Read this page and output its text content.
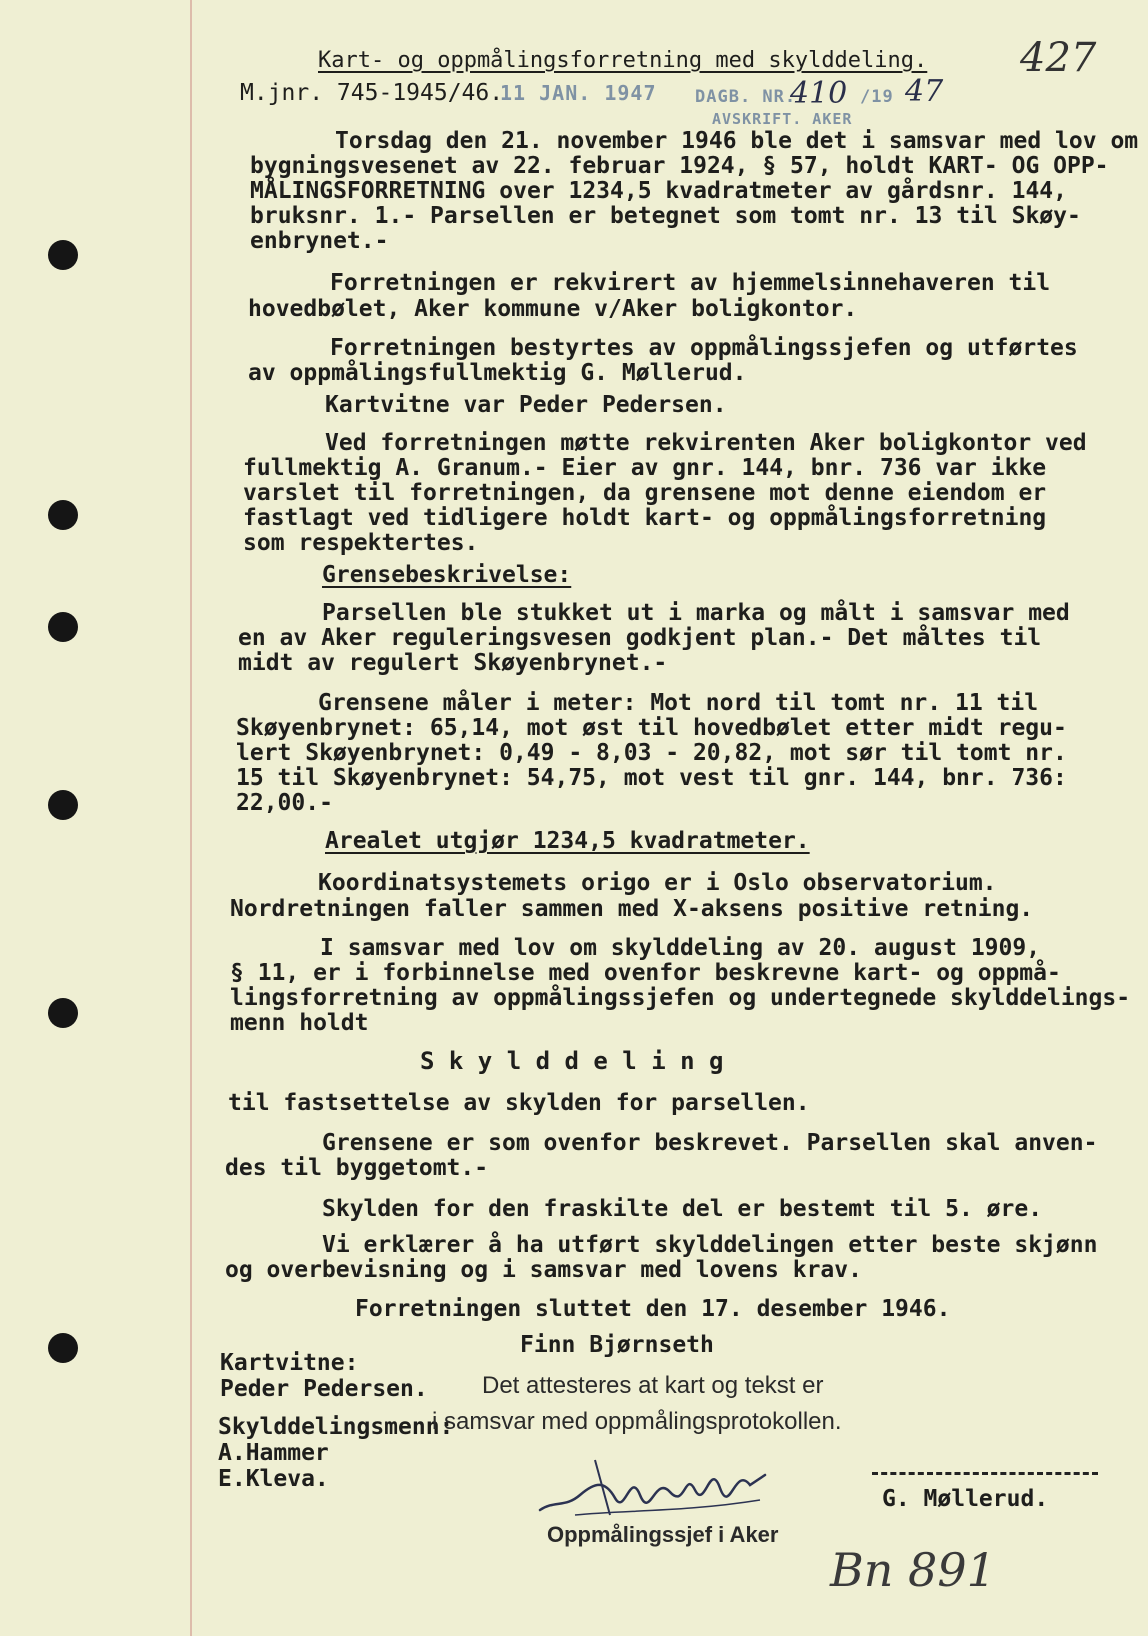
Kart- og oppmålingsforretning med skylddeling. 427
M.jnr. 745-1945/46.
11 JAN. 1947 DAGB. NR.
410 /19 47
AVSKRIFT. AKER
Torsdag den 21. november 1946 ble det i samsvar med lov om
bygningsvesenet av 22. februar 1924, § 57, holdt KART- OG OPP-
MÅLINGSFORRETNING over 1234,5 kvadratmeter av gårdsnr. 144,
bruksnr. 1.- Parsellen er betegnet som tomt nr. 13 til Skøy-
enbrynet.-
Forretningen er rekvirert av hjemmelsinnehaveren til
hovedbølet, Aker kommune v/Aker boligkontor.
Forretningen bestyrtes av oppmålingssjefen og utførtes
av oppmålingsfullmektig G. Møllerud.
Kartvitne var Peder Pedersen.
Ved forretningen møtte rekvirenten Aker boligkontor ved
fullmektig A. Granum.- Eier av gnr. 144, bnr. 736 var ikke
varslet til forretningen, da grensene mot denne eiendom er
fastlagt ved tidligere holdt kart- og oppmålingsforretning
som respektertes.
Grensebeskrivelse:
Parsellen ble stukket ut i marka og målt i samsvar med
en av Aker reguleringsvesen godkjent plan.- Det måltes til
midt av regulert Skøyenbrynet.-
Grensene måler i meter: Mot nord til tomt nr. 11 til
Skøyenbrynet: 65,14, mot øst til hovedbølet etter midt regu-
lert Skøyenbrynet: 0,49 - 8,03 - 20,82, mot sør til tomt nr.
15 til Skøyenbrynet: 54,75, mot vest til gnr. 144, bnr. 736:
22,00.-
Arealet utgjør 1234,5 kvadratmeter.
Koordinatsystemets origo er i Oslo observatorium.
Nordretningen faller sammen med X-aksens positive retning.
I samsvar med lov om skylddeling av 20. august 1909,
§ 11, er i forbinnelse med ovenfor beskrevne kart- og oppmå-
lingsforretning av oppmålingssjefen og undertegnede skylddelings-
menn holdt
S k y l d d e l i n g
til fastsettelse av skylden for parsellen.
Grensene er som ovenfor beskrevet. Parsellen skal anven-
des til byggetomt.-
Skylden for den fraskilte del er bestemt til 5. øre.
Vi erklærer å ha utført skylddelingen etter beste skjønn
og overbevisning og i samsvar med lovens krav.
Forretningen sluttet den 17. desember 1946.
Finn Bjørnseth
Kartvitne:
Peder Pedersen. Det attesteres at kart og tekst er
Skylddelingsmenn:
i samsvar med oppmålingsprotokollen.
A.Hammer
E.Kleva.
G. Møllerud.
Oppmålingssjef i Aker
Bn 891
